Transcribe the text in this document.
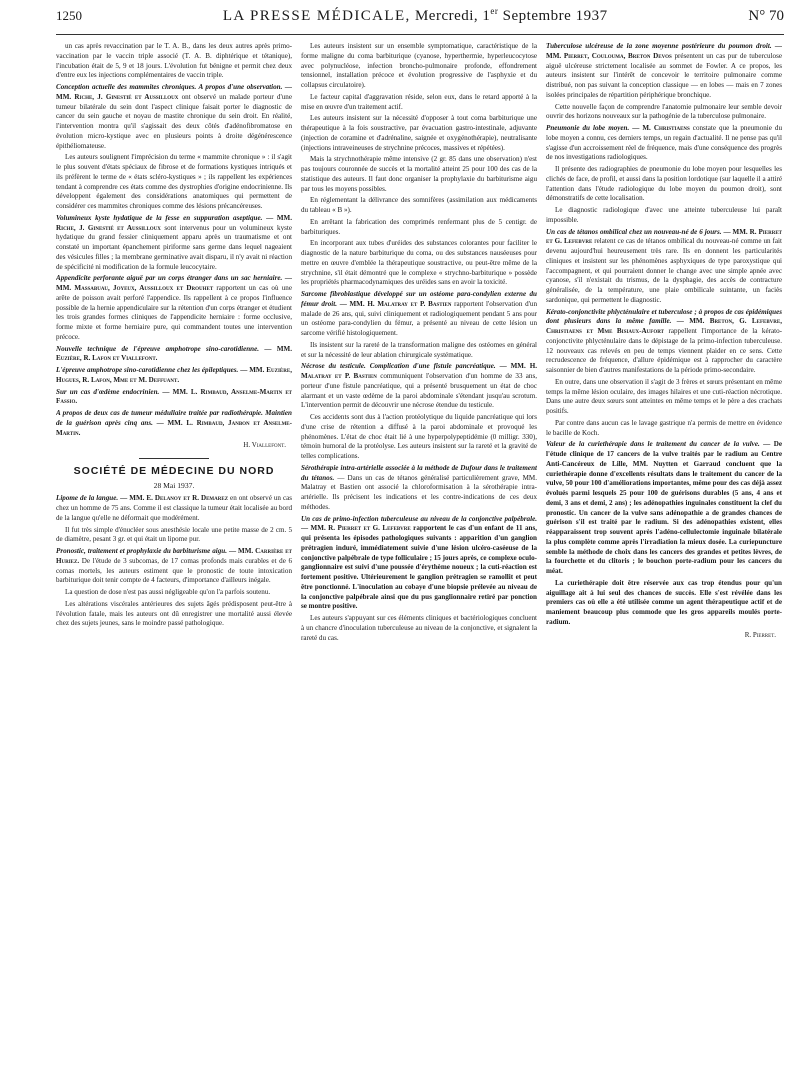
1250	LA PRESSE MÉDICALE, Mercredi, 1er Septembre 1937	N° 70

un cas après revaccination par le T. A. B., dans les deux autres après primo-vaccination par le vaccin triple associé (T. A. B. diphtérique et tétanique), l'incubation était de 5, 9 et 18 jours. L'évolution fut bénigne et permit chez deux d'entre eux les injections complémentaires de vaccin triple.

Conception actuelle des mammites chroniques. A propos d'une observation. — MM. Riche, J. Ginestié et Aussilloux ont observé un malade porteur d'une tumeur bilatérale du sein dont l'aspect clinique faisait porter le diagnostic de cancer du sein gauche et noyau de mastite chronique du sein droit. En réalité, l'intervention montra qu'il s'agissait des deux côtés d'adénofibromatose en évolution micro-kystique avec en plusieurs points à droite dégénérescence épithéliomateuse.

Les auteurs soulignent l'imprécision du terme « mammite chronique » : il s'agit le plus souvent d'états spéciaux de fibrose et de formations kystiques intriqués et ils préfèrent le terme de « états scléro-kystiques » ; ils rappellent les expériences tendant à comprendre ces états comme des dystrophies d'origine endocrinienne. Ils développent également des considérations anatomiques qui permettent de considérer ces mammites chroniques comme des lésions précancéreuses.

Volumineux kyste hydatique de la fesse en suppuration aseptique. — MM. Riche, J. Ginestié et Aussilloux sont intervenus pour un volumineux kyste hydatique du grand fessier cliniquement apparu après un traumatisme et ont constaté un important épanchement piriforme sans germe dans lequel nageaient des vésicules filles ; la membrane germinative avait disparu, il n'y avait ni réaction de spécificité ni modification de la formule leucocytaire.

Appendicite perforante aiguë par un corps étranger dans un sac herniaire. — MM. Massabuau, Joyeux, Aussilloux et Drouhet rapportent un cas où une arête de poisson avait perforé l'appendice. Ils rappellent à ce propos l'influence possible de la hernie appendiculaire sur la rétention d'un corps étranger et étudient les trois grandes formes cliniques de l'appendicite herniaire : forme occlusive, forme mixte et forme herniaire pure, qui commandent toutes une intervention précoce.

Nouvelle technique de l'épreuve amphotrope sino-carotidienne. — MM. Euzière, R. Lafon et Viallefont.

L'épreuve amphotrope sino-carotidienne chez les épileptiques. — MM. Euzière, Hugues, R. Lafon, Mme et M. Deffuant.

Sur un cas d'œdème endocrinien. — MM. L. Rimbaud, Anselme-Martin et Fassio.

A propos de deux cas de tumeur médullaire traitée par radiothérapie. Maintien de la guérison après cinq ans. — MM. L. Rimbaud, Janbon et Anselme-Martin.

H. Viallefont.
SOCIÉTÉ DE MÉDECINE DU NORD
28 Mai 1937.

Lipome de la langue. — MM. E. Delanoy et R. Demarez en ont observé un cas chez un homme de 75 ans. Comme il est classique la tumeur était localisée au bord de la langue qu'elle ne déformait que modérément.

Il fut très simple d'énucléer sous anesthésie locale une petite masse de 2 cm. 5 de diamètre, pesant 3 gr. et qui était un lipome pur.

Pronostic, traitement et prophylaxie du barbiturisme aigu. — MM. Carrière et Huriez. De l'étude de 3 subcomas, de 17 comas profonds mais curables et de 6 comas mortels, les auteurs estiment que le pronostic de toute intoxication barbiturique doit tenir compte de 4 facteurs, d'importance d'ailleurs inégale.

La question de dose n'est pas aussi négligeable qu'on l'a parfois soutenu.

Les altérations viscérales antérieures des sujets âgés prédisposent peut-être à l'évolution fatale, mais les auteurs ont dû enregistrer une mortalité aussi élevée chez des sujets jeunes, sans le moindre passé pathologique.

Les auteurs insistent sur un ensemble symptomatique, caractéristique de la forme maligne du coma barbiturique (cyanose, hyperthermie, hyperleucocytose avec polynucléose, infection broncho-pulmonaire profonde, effondrement tensionnel, installation précoce et évolution progressive de l'asphyxie et du collapsus circulatoire).

Le facteur capital d'aggravation réside, selon eux, dans le retard apporté à la mise en œuvre d'un traitement actif.

Les auteurs insistent sur la nécessité d'opposer à tout coma barbiturique une thérapeutique à la fois soustractive, par évacuation gastro-intestinale, adjuvante (injection de coramine et d'adrénaline, saignée et oxygénothérapie), neutralisante (injections intraveineuses de strychnine précoces, massives et répétées).

Mais la strychnothérapie même intensive (2 gr. 85 dans une observation) n'est pas toujours couronnée de succès et la mortalité atteint 25 pour 100 des cas de la statistique des auteurs. Il faut donc organiser la prophylaxie du barbiturisme aigu par tous les moyens possibles.

En réglementant la délivrance des somnifères (assimilation aux médicaments du tableau « B »).

En arrêtant la fabrication des comprimés renfermant plus de 5 centigr. de barbituriques.

En incorporant aux tubes d'uréides des substances colorantes pour faciliter le diagnostic de la nature barbiturique du coma, ou des substances nauséeuses pour mettre en œuvre d'emblée la thérapeutique soustractive, ou peut-être même de la strychnine, s'il était démontré que le complexe « strychno-barbiturique » possède les propriétés pharmacodynamiques des uréides sans en avoir la toxicité.

Sarcome fibroblastique développé sur un ostéome para-condylien externe du fémur droit. — MM. H. Malatray et P. Bastien rapportent l'observation d'un malade de 26 ans, qui, suivi cliniquement et radiologiquement pendant 5 ans pour un ostéome para-condylien du fémur, a présenté au niveau de cette lésion un sarcome vérifié histologiquement.

Ils insistent sur la rareté de la transformation maligne des ostéomes en général et sur la nécessité de leur ablation chirurgicale systématique.

Nécrose du testicule. Complication d'une fistule pancréatique. — MM. H. Malatray et P. Bastien communiquent l'observation d'un homme de 33 ans, porteur d'une fistule pancréatique, qui a présenté brusquement un état de choc alarmant et un vaste œdème de la paroi abdominale s'étendant jusqu'au scrotum. L'intervention permit de découvrir une nécrose étendue du testicule.

Ces accidents sont dus à l'action protéolytique du liquide pancréatique qui lors d'une crise de rétention a diffusé à la paroi abdominale et provoqué les phénomènes. L'état de choc était lié à une hyperpolypeptidémie (0 milligr. 330), témoin humoral de la protéolyse. Les auteurs insistent sur la rareté et la gravité de telles complications.

Sérothérapie intra-artérielle associée à la méthode de Dufour dans le traitement du tétanos. — Dans un cas de tétanos généralisé particulièrement grave, MM. Malatray et Bastien ont associé la chloroformisation à la sérothérapie intra-artérielle. Ils précisent les indications et les contre-indications de ces deux méthodes.

Un cas de primo-infection tuberculeuse au niveau de la conjonctive palpébrale. — MM. R. Pierret et G. Lefebvre rapportent le cas d'un enfant de 11 ans, qui présenta les épisodes pathologiques suivants : apparition d'un ganglion prétragien induré, immédiatement suivie d'une lésion ulcéro-caséeuse de la conjonctive palpébrale de type folliculaire ; 15 jours après, ce complexe oculo-ganglionnaire est suivi d'une poussée d'érythème noueux ; la cuti-réaction est fortement positive. Ultérieurement le ganglion prétragien se ramollit et peut être ponctionné. L'inoculation au cobaye d'une biopsie prélevée au niveau de la conjonctive palpébrale ainsi que du pus ganglionnaire retiré par ponction se montre positive.

Les auteurs s'appuyant sur ces éléments cliniques et bactériologiques concluent à un chancre d'inoculation tuberculeuse au niveau de la conjonctive, et signalent la rareté du cas.

Tuberculose ulcéreuse de la zone moyenne postérieure du poumon droit. — MM. Pierret, Coulouma, Breton Devos présentent un cas pur de tuberculose aiguë ulcéreuse strictement localisée au sommet de Fowler. A ce propos, les auteurs insistent sur l'intérêt de concevoir le territoire pulmonaire comme distribué, non pas suivant la conception classique — en lobes — mais en 7 zones isolées principales de répartition périphérique bronchique.

Cette nouvelle façon de comprendre l'anatomie pulmonaire leur semble devoir ouvrir des horizons nouveaux sur la pathogénie de la tuberculose pulmonaire.

Pneumonie du lobe moyen. — M. Christiaens constate que la pneumonie du lobe moyen a connu, ces derniers temps, un regain d'actualité. Il ne pense pas qu'il s'agisse d'un accroissement réel de fréquence, mais d'une conséquence des progrès de nos investigations radiologiques.

Il présente des radiographies de pneumonie du lobe moyen pour lesquelles les clichés de face, de profil, et aussi dans la position lordotique (sur laquelle il a attiré l'attention dans l'étude radiologique du lobe moyen du poumon droit), sont démonstratifs de cette localisation.

Le diagnostic radiologique d'avec une atteinte tuberculeuse lui paraît impossible.

Un cas de tétanos ombilical chez un nouveau-né de 6 jours. — MM. R. Pierret et G. Lefebvre relatent ce cas de tétanos ombilical du nouveau-né comme un fait devenu aujourd'hui heureusement très rare. Ils en donnent les particularités cliniques et insistent sur les phénomènes asphyxiques de type paroxystique qui l'accompagnent, et qui pourraient donner le change avec une simple apnée avec cyanose, s'il n'existait du trismus, de la dysphagie, des accès de contracture généralisée, de la température, une plaie ombilicale suintante, un faciès sardonique, qui permettent le diagnostic.

Kérato-conjonctivite phlycténulaire et tuberculose ; à propos de cas épidémiques dont plusieurs dans la même famille. — MM. Breton, G. Lefebvre, Christiaens et Mme Bisiaux-Aufort rappellent l'importance de la kérato-conjonctivite phlycténulaire dans le dépistage de la primo-infection tuberculeuse. 12 nouveaux cas relevés en peu de temps viennent plaider en ce sens. Cette recrudescence de fréquence, d'allure épidémique est à rapprocher du caractère saisonnier de bien d'autres manifestations de la période primo-secondaire.

En outre, dans une observation il s'agit de 3 frères et sœurs présentant en même temps la même lésion oculaire, des images hilaires et une cuti-réaction nécrotique. Dans une autre deux sœurs sont atteintes en même temps et le père a des crachats positifs.

Par contre dans aucun cas le lavage gastrique n'a permis de mettre en évidence le bacille de Koch.

Valeur de la curiethérapie dans le traitement du cancer de la vulve. — De l'étude clinique de 17 cancers de la vulve traités par le radium au Centre Anti-Cancéreux de Lille, MM. Nuytten et Garraud concluent que la curiethérapie donne d'excellents résultats dans le traitement du cancer de la vulve, 50 pour 100 d'améliorations importantes, même pour des cas déjà assez évolués parmi lesquels 25 pour 100 de guérisons durables (5 ans, 4 ans et demi, 3 ans et demi, 2 ans) ; les adénopathies inguinales constituent la clef du pronostic. Un cancer de la vulve sans adénopathie a de grandes chances de guérison s'il est traité par le radium. Si des adénopathies existent, elles réapparaissent trop souvent après l'adéno-cellulectomie inguinale bilatérale la plus complète comme après l'irradiation la mieux dosée. La curiepuncture semble la méthode de choix dans les cancers des grandes et petites lèvres, de la fourchette et du clitoris ; le bouchon porte-radium pour les cancers du méat.

La curiethérapie doit être réservée aux cas trop étendus pour qu'un aiguillage ait à lui seul des chances de succès. Elle s'est révélée dans les premiers cas où elle a été utilisée comme un agent thérapeutique actif et de maniement beaucoup plus commode que les gros appareils moulés porte-radium.

R. Pierret.
